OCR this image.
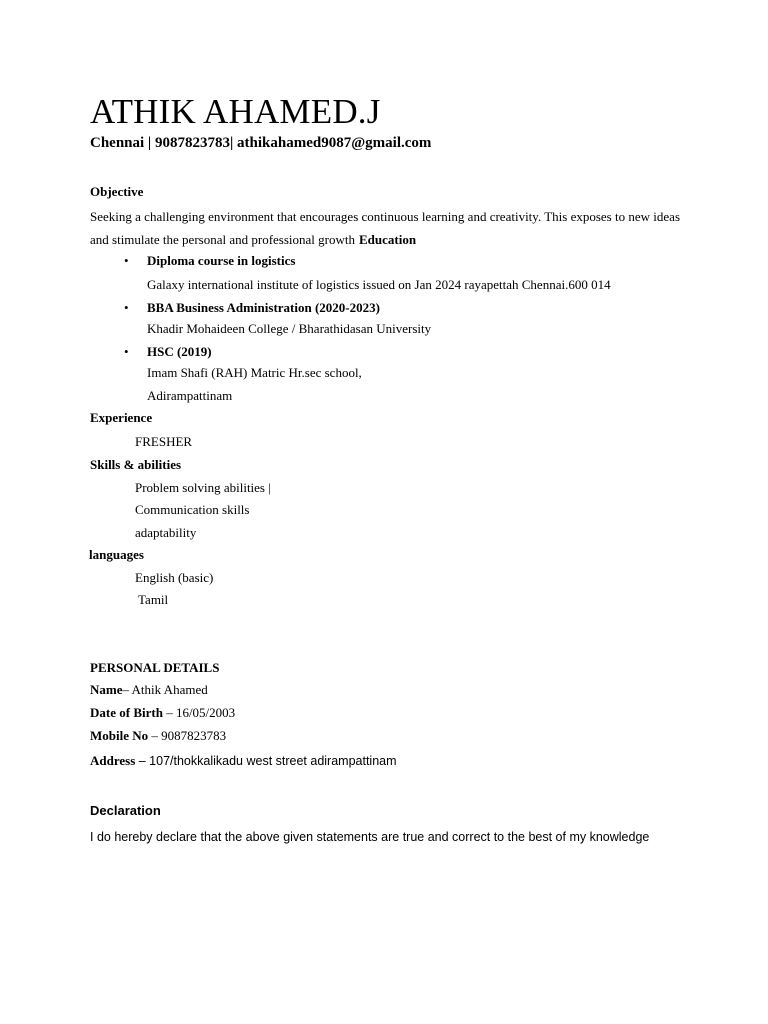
ATHIK AHAMED.J
Chennai | 9087823783| athikahamed9087@gmail.com
Objective
Seeking a challenging environment that encourages continuous learning and creativity. This exposes to new ideas and stimulate the personal and professional growth Education
• Diploma course in logistics
Galaxy international institute of logistics issued on Jan 2024 rayapettah Chennai.600 014
• BBA Business Administration (2020-2023)
Khadir Mohaideen College / Bharathidasan University
• HSC (2019)
Imam Shafi (RAH) Matric Hr.sec school,
Adirampattinam
Experience
FRESHER
Skills & abilities
Problem solving abilities |
Communication skills
adaptability
languages
English (basic)
Tamil
PERSONAL DETAILS
Name– Athik Ahamed
Date of Birth – 16/05/2003
Mobile No – 9087823783
Address – 107/thokkalikadu west street adirampattinam
Declaration
I do hereby declare that the above given statements are true and correct to the best of my knowledge
